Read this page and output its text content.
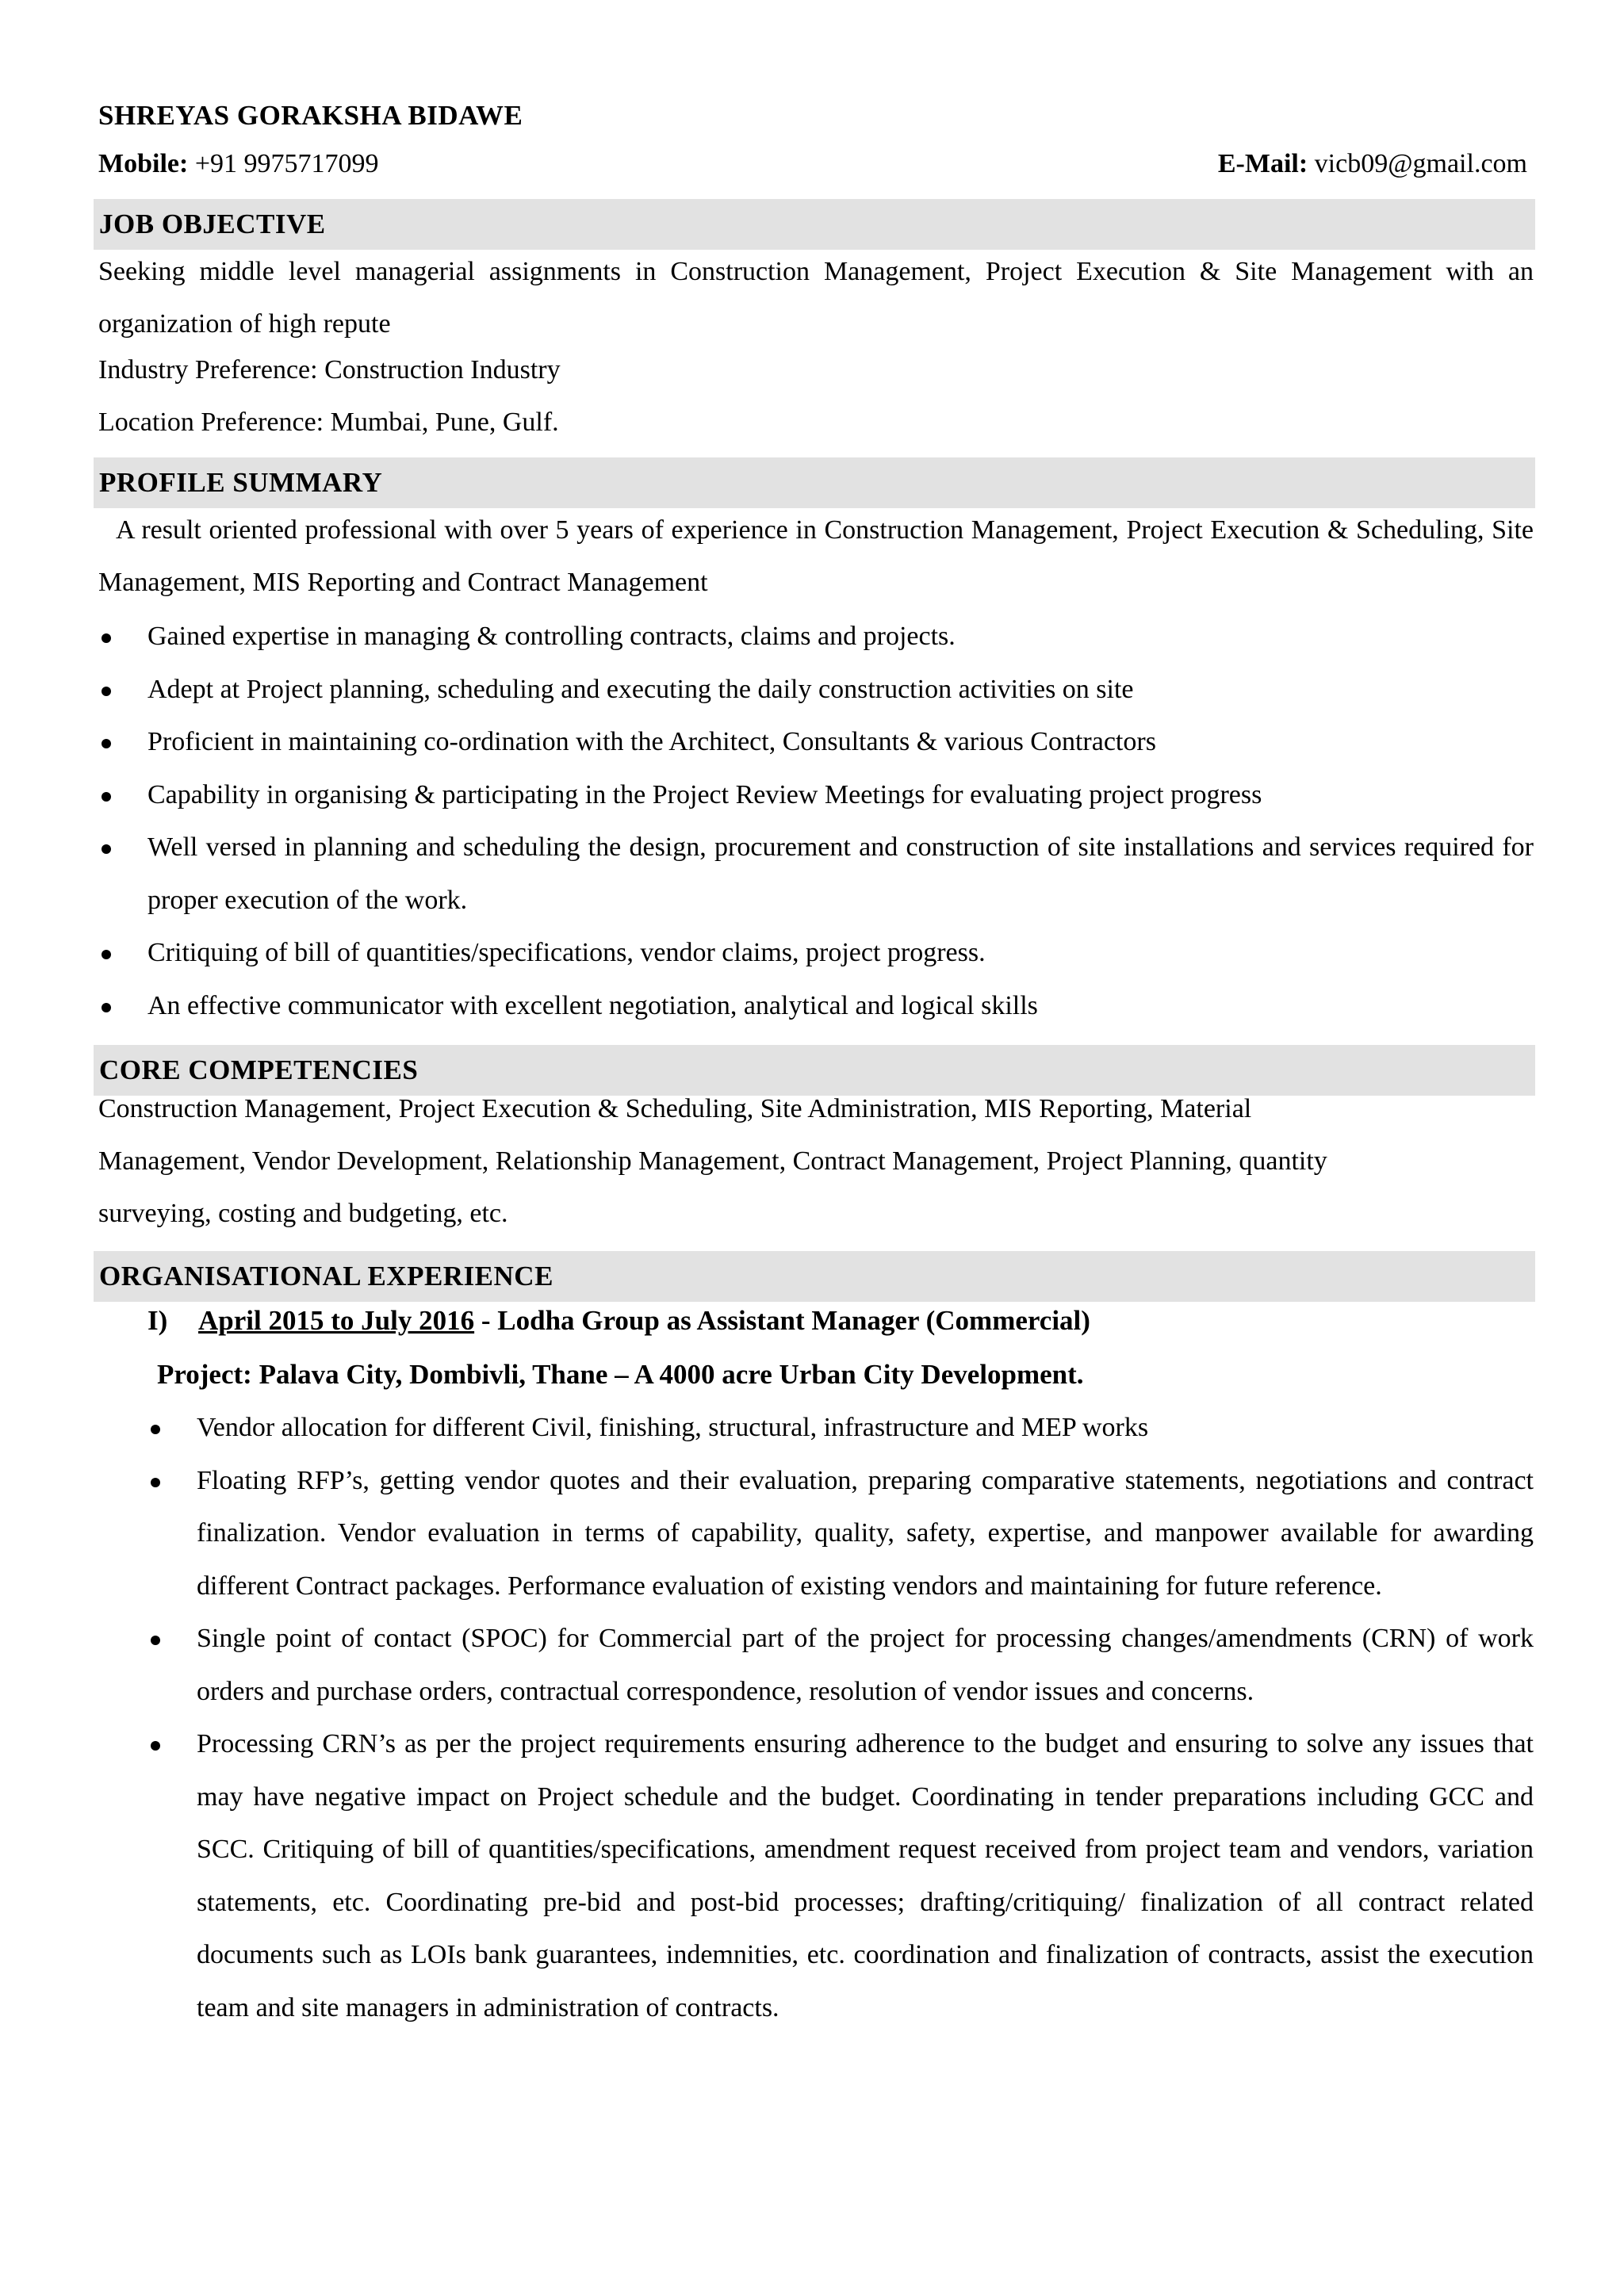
SHREYAS GORAKSHA BIDAWE
Mobile: +91 9975717099	E-Mail: vicb09@gmail.com
JOB OBJECTIVE
Seeking middle level managerial assignments in Construction Management, Project Execution & Site Management with an organization of high repute
Industry Preference: Construction Industry
Location Preference: Mumbai, Pune, Gulf.
PROFILE SUMMARY
A result oriented professional with over 5 years of experience in Construction Management, Project Execution & Scheduling, Site Management, MIS Reporting and Contract Management
Gained expertise in managing & controlling contracts, claims and projects.
Adept at Project planning, scheduling and executing the daily construction activities on site
Proficient in maintaining co-ordination with the Architect, Consultants & various Contractors
Capability in organising & participating in the Project Review Meetings for evaluating project progress
Well versed in planning and scheduling the design, procurement and construction of site installations and services required for proper execution of the work.
Critiquing of bill of quantities/specifications, vendor claims, project progress.
An effective communicator with excellent negotiation, analytical and logical skills
CORE COMPETENCIES
Construction Management, Project Execution & Scheduling, Site Administration, MIS Reporting, Material
Management, Vendor Development, Relationship Management, Contract Management, Project Planning, quantity
surveying, costing and budgeting, etc.
ORGANISATIONAL EXPERIENCE
I) April 2015 to July 2016 - Lodha Group as Assistant Manager (Commercial)
Project: Palava City, Dombivli, Thane – A 4000 acre Urban City Development.
Vendor allocation for different Civil, finishing, structural, infrastructure and MEP works
Floating RFP’s, getting vendor quotes and their evaluation, preparing comparative statements, negotiations and contract finalization. Vendor evaluation in terms of capability, quality, safety, expertise, and manpower available for awarding different Contract packages. Performance evaluation of existing vendors and maintaining for future reference.
Single point of contact (SPOC) for Commercial part of the project for processing changes/amendments (CRN) of work orders and purchase orders, contractual correspondence, resolution of vendor issues and concerns.
Processing CRN’s as per the project requirements ensuring adherence to the budget and ensuring to solve any issues that may have negative impact on Project schedule and the budget. Coordinating in tender preparations including GCC and SCC. Critiquing of bill of quantities/specifications, amendment request received from project team and vendors, variation statements, etc. Coordinating pre-bid and post-bid processes; drafting/critiquing/ finalization of all contract related documents such as LOIs bank guarantees, indemnities, etc. coordination and finalization of contracts, assist the execution team and site managers in administration of contracts.
